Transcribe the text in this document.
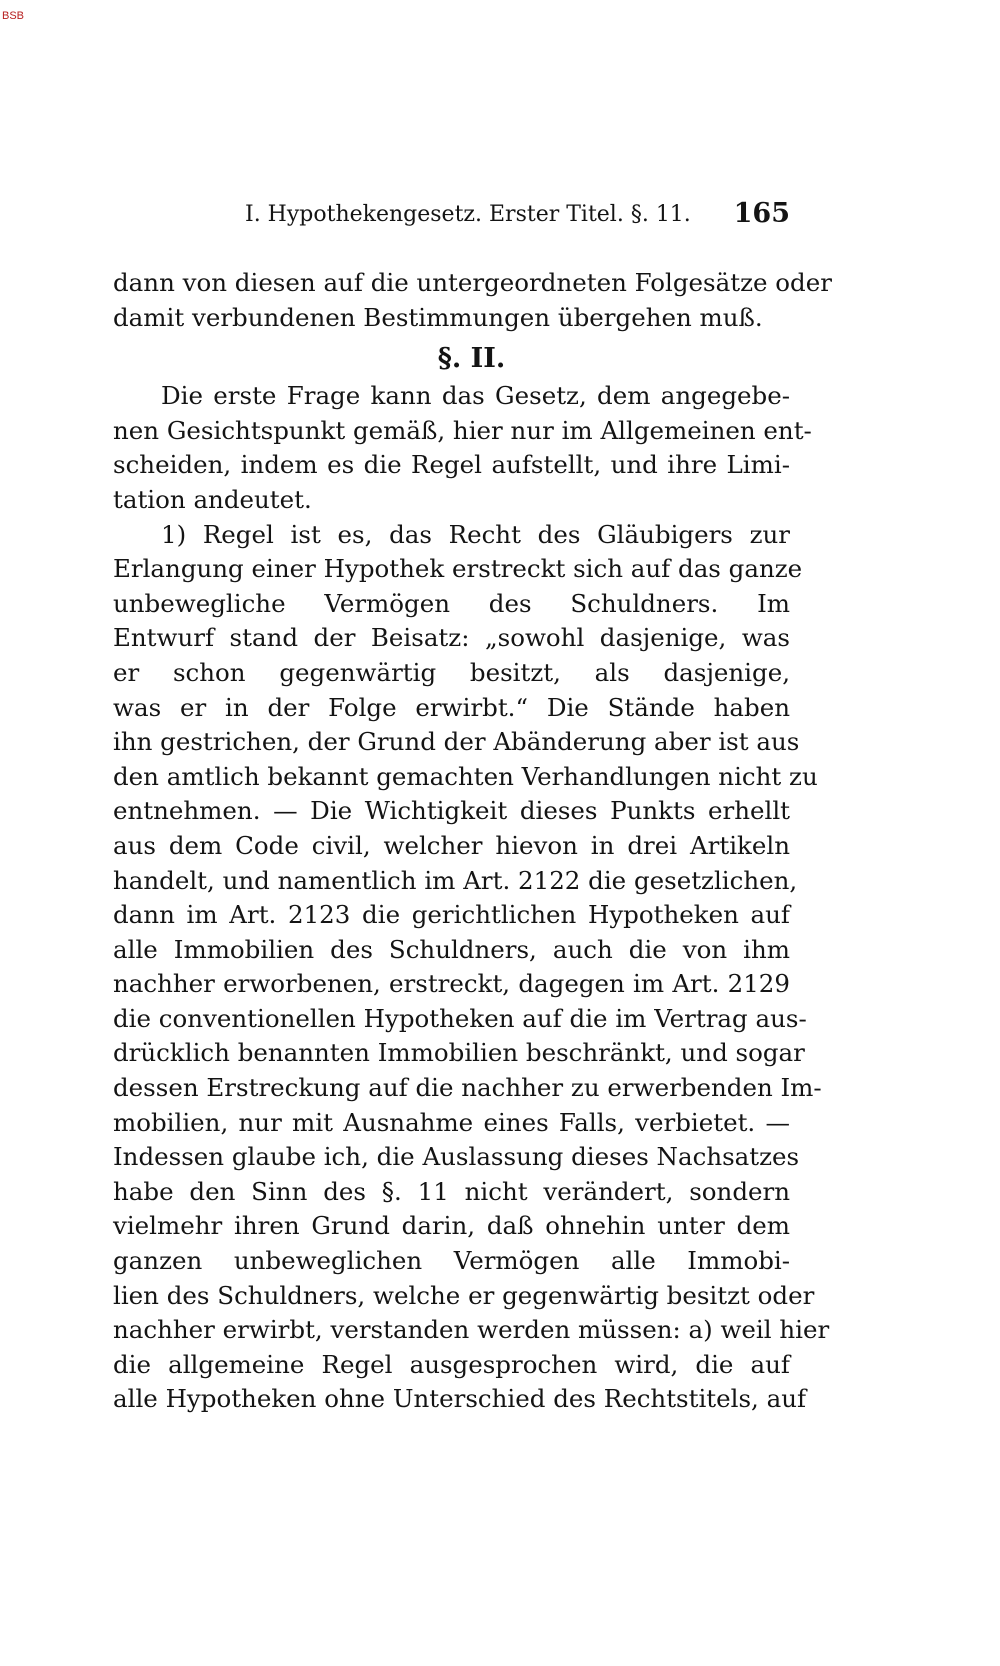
BSB
I. Hypothekengesetz. Erster Titel. §. 11. 165
dann von diesen auf die untergeordneten Folgesätze oder
damit verbundenen Bestimmungen übergehen muß.
§. II.
Die erste Frage kann das Gesetz, dem angegebe-
nen Gesichtspunkt gemäß, hier nur im Allgemeinen ent-
scheiden, indem es die Regel aufstellt, und ihre Limi-
tation andeutet.
1) Regel ist es, das Recht des Gläubigers zur
Erlangung einer Hypothek erstreckt sich auf das ganze
unbewegliche Vermögen des Schuldners. Im
Entwurf stand der Beisatz: „sowohl dasjenige, was
er schon gegenwärtig besitzt, als dasjenige,
was er in der Folge erwirbt.“ Die Stände haben
ihn gestrichen, der Grund der Abänderung aber ist aus
den amtlich bekannt gemachten Verhandlungen nicht zu
entnehmen. — Die Wichtigkeit dieses Punkts erhellt
aus dem Code civil, welcher hievon in drei Artikeln
handelt, und namentlich im Art. 2122 die gesetzlichen,
dann im Art. 2123 die gerichtlichen Hypotheken auf
alle Immobilien des Schuldners, auch die von ihm
nachher erworbenen, erstreckt, dagegen im Art. 2129
die conventionellen Hypotheken auf die im Vertrag aus-
drücklich benannten Immobilien beschränkt, und sogar
dessen Erstreckung auf die nachher zu erwerbenden Im-
mobilien, nur mit Ausnahme eines Falls, verbietet. —
Indessen glaube ich, die Auslassung dieses Nachsatzes
habe den Sinn des §. 11 nicht verändert, sondern
vielmehr ihren Grund darin, daß ohnehin unter dem
ganzen unbeweglichen Vermögen alle Immobi-
lien des Schuldners, welche er gegenwärtig besitzt oder
nachher erwirbt, verstanden werden müssen: a) weil hier
die allgemeine Regel ausgesprochen wird, die auf
alle Hypotheken ohne Unterschied des Rechtstitels, auf
